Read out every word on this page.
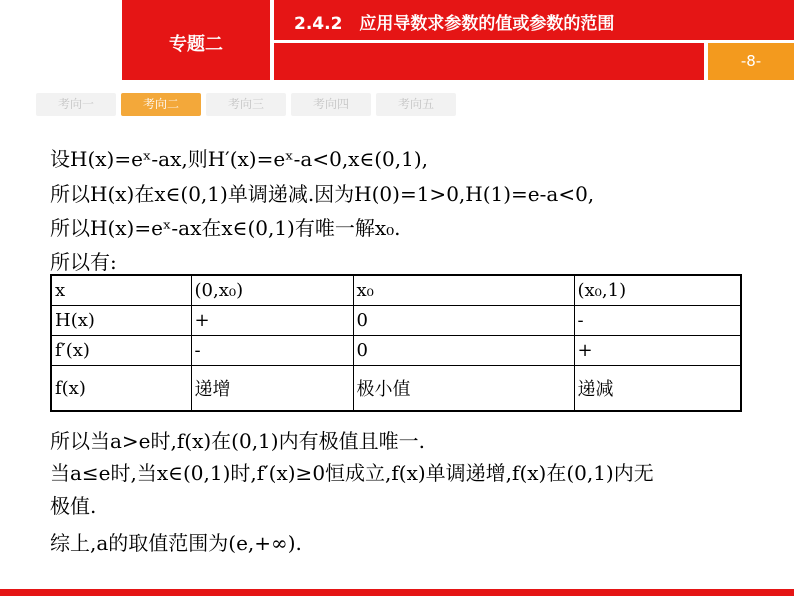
专题二
2.4.2　应用导数求参数的值或参数的范围
-8-
考向一	考向二	考向三	考向四	考向五
设H(x)=eˣ-ax,则H′(x)=eˣ-a<0,x∈(0,1),
所以H(x)在x∈(0,1)单调递减.因为H(0)=1>0,H(1)=e-a<0,
所以H(x)=eˣ-ax在x∈(0,1)有唯一解x₀.
所以有:
所以当a>e时,f(x)在(0,1)内有极值且唯一.
当a≤e时,当x∈(0,1)时,f′(x)≥0恒成立,f(x)单调递增,f(x)在(0,1)内无
极值.
综上,a的取值范围为(e,+∞).
x	(0,x₀)	x₀	(x₀,1)
H(x)	+	0	-
f′(x)	-	0	+
f(x)	递增	极小值	递减
